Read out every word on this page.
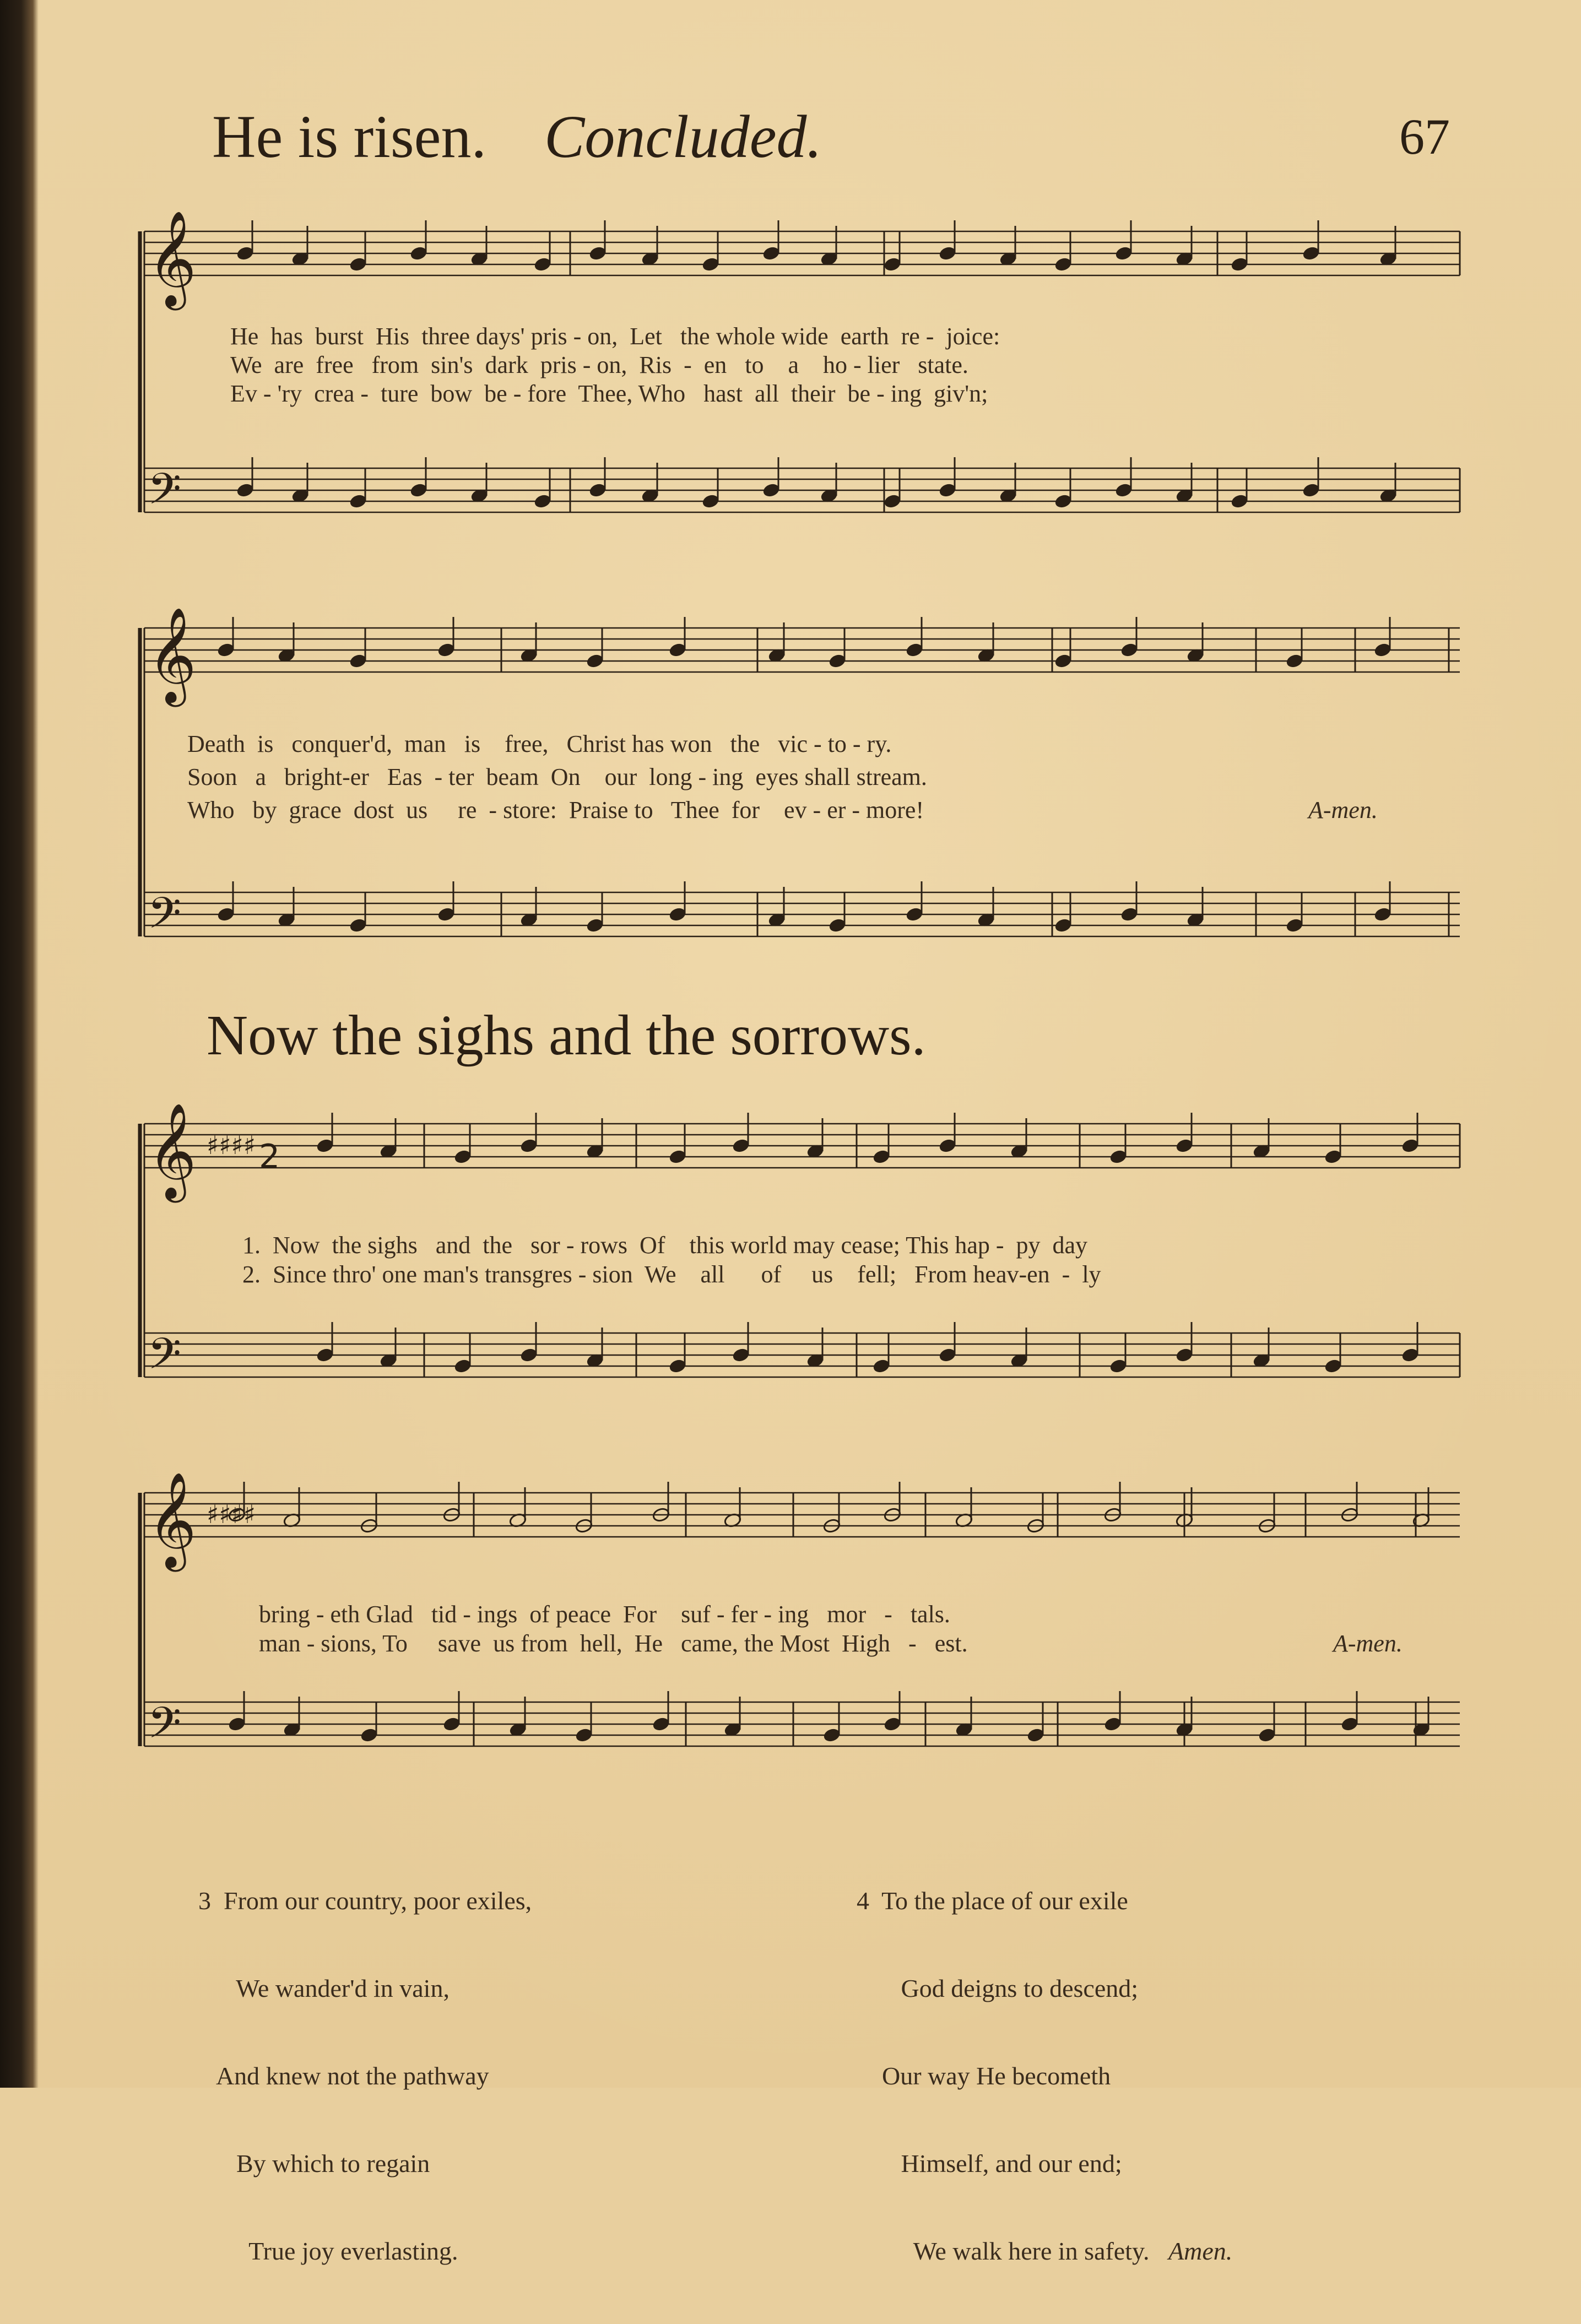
He is risen. Concluded.	67
𝄞
𝄢
𝄞
𝄢
𝄞
𝄢
♯♯♯♯ 2
𝄞
𝄢
♯♯♯♯
He  has  burst  His  three days' pris - on,  Let   the whole wide  earth  re -  joice:
We  are  free   from  sin's  dark  pris - on,  Ris  -  en   to    a    ho - lier   state.
Ev - 'ry  crea -  ture  bow  be - fore  Thee, Who   hast  all  their  be - ing  giv'n;
Death  is   conquer'd,  man   is    free,   Christ has won   the   vic - to - ry.
Soon   a   bright-er   Eas  - ter  beam  On    our  long - ing  eyes shall stream.
Who   by  grace  dost  us     re  - store:  Praise to   Thee  for    ev - er - more!	A-men.
Now the sighs and the sorrows.
1.  Now  the sighs   and  the   sor - rows  Of    this world may cease; This hap -  py  day
2.  Since thro' one man's transgres - sion  We    all      of     us    fell;   From heav-en  -  ly
bring - eth Glad   tid - ings  of peace  For    suf - fer - ing   mor   -   tals.
man - sions, To     save  us from  hell,  He   came, the Most  High   -   est.	A-men.

3  From our country, poor exiles,

We wander'd in vain,

And knew not the pathway

By which to regain

True joy everlasting.

4  To the place of our exile

God deigns to descend;

Our way He becometh

Himself, and our end;

We walk here in safety. Amen.
